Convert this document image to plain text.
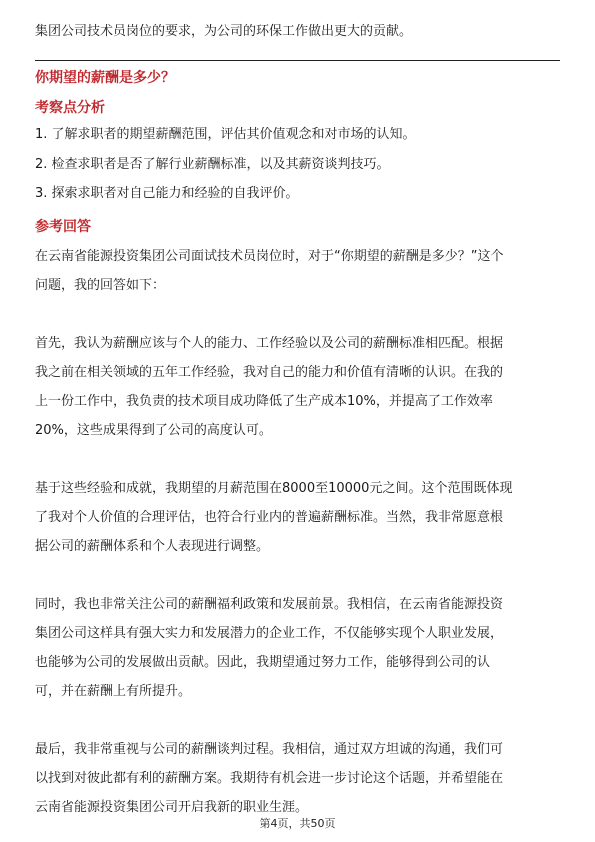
集团公司技术员岗位的要求，为公司的环保工作做出更大的贡献。
你期望的薪酬是多少？
考察点分析
1. 了解求职者的期望薪酬范围，评估其价值观念和对市场的认知。
2. 检查求职者是否了解行业薪酬标准，以及其薪资谈判技巧。
3. 探索求职者对自己能力和经验的自我评价。
参考回答

在云南省能源投资集团公司面试技术员岗位时，对于“你期望的薪酬是多少？”这个
问题，我的回答如下：

首先，我认为薪酬应该与个人的能力、工作经验以及公司的薪酬标准相匹配。根据
我之前在相关领域的五年工作经验，我对自己的能力和价值有清晰的认识。在我的
上一份工作中，我负责的技术项目成功降低了生产成本10%，并提高了工作效率
20%，这些成果得到了公司的高度认可。

基于这些经验和成就，我期望的月薪范围在8000至10000元之间。这个范围既体现
了我对个人价值的合理评估，也符合行业内的普遍薪酬标准。当然，我非常愿意根
据公司的薪酬体系和个人表现进行调整。

同时，我也非常关注公司的薪酬福利政策和发展前景。我相信，在云南省能源投资
集团公司这样具有强大实力和发展潜力的企业工作，不仅能够实现个人职业发展，
也能够为公司的发展做出贡献。因此，我期望通过努力工作，能够得到公司的认
可，并在薪酬上有所提升。

最后，我非常重视与公司的薪酬谈判过程。我相信，通过双方坦诚的沟通，我们可
以找到对彼此都有利的薪酬方案。我期待有机会进一步讨论这个话题，并希望能在
云南省能源投资集团公司开启我新的职业生涯。

第4页，共50页
